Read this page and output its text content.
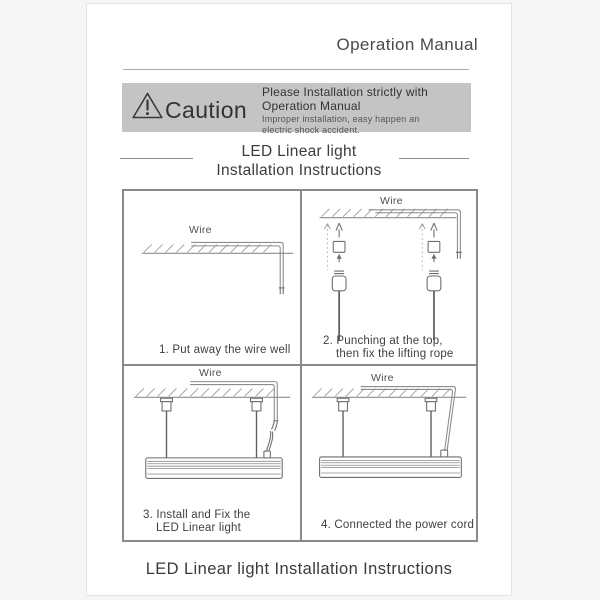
Operation Manual
Caution
Please Installation strictly with
Operation Manual
Improper installation, easy happen an
electric shock accident.
LED Linear light
Installation Instructions
Wire
1. Put away the wire well
Wire
2. Punching at the top,
then fix the lifting rope
Wire
3. Install and Fix the
LED Linear light
Wire
4. Connected the power cord
LED Linear light Installation Instructions
